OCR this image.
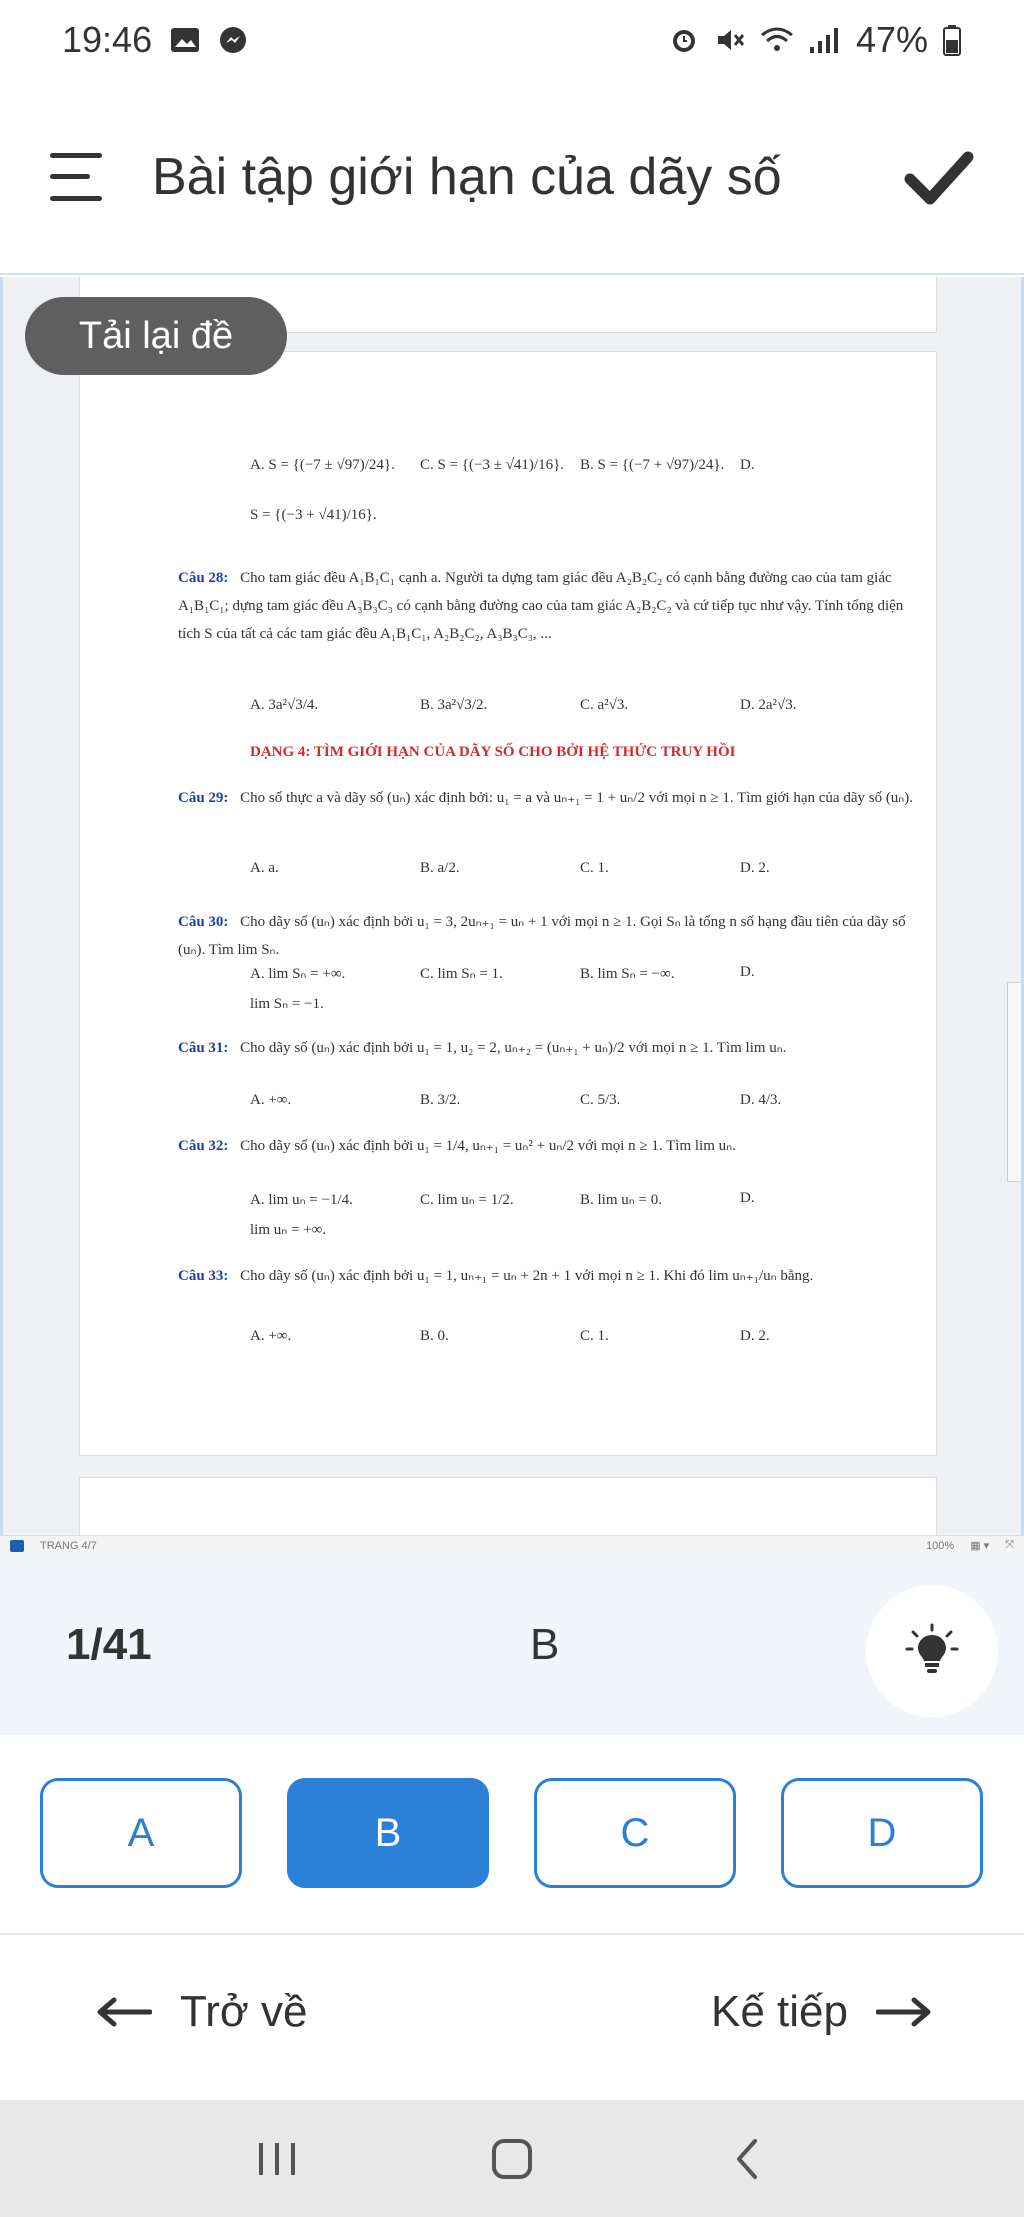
19:46	47%
Bài tập giới hạn của dãy số
A. S = {(−7 ± √97)/24}. C. S = {(−3 ± √41)/16}. B. S = {(−7 + √97)/24}. D.
S = {(−3 + √41)/16}.
Câu 28: Cho tam giác đều A₁B₁C₁ cạnh a. Người ta dựng tam giác đều A₂B₂C₂ có cạnh bằng đường cao của tam giác A₁B₁C₁; dựng tam giác đều A₃B₃C₃ có cạnh bằng đường cao của tam giác A₂B₂C₂ và cứ tiếp tục như vậy. Tính tổng diện tích S của tất cả các tam giác đều A₁B₁C₁, A₂B₂C₂, A₃B₃C₃, ...
A. 3a²√3/4.	B. 3a²√3/2.	C. a²√3.	D. 2a²√3.
DẠNG 4: TÌM GIỚI HẠN CỦA DÃY SỐ CHO BỞI HỆ THỨC TRUY HỒI
Câu 29: Cho số thực a và dãy số (uₙ) xác định bởi: u₁ = a và uₙ₊₁ = 1 + uₙ/2 với mọi n ≥ 1. Tìm giới hạn của dãy số (uₙ).
A. a.	B. a/2.	C. 1.	D. 2.
Câu 30: Cho dãy số (uₙ) xác định bởi u₁ = 3, 2uₙ₊₁ = uₙ + 1 với mọi n ≥ 1. Gọi Sₙ là tổng n số hạng đầu tiên của dãy số (uₙ). Tìm lim Sₙ.
A. lim Sₙ = +∞.	C. lim Sₙ = 1.	B. lim Sₙ = −∞.	D.
lim Sₙ = −1.
Câu 31: Cho dãy số (uₙ) xác định bởi u₁ = 1, u₂ = 2, uₙ₊₂ = (uₙ₊₁ + uₙ)/2 với mọi n ≥ 1. Tìm lim uₙ.
A. +∞.	B. 3/2.	C. 5/3.	D. 4/3.
Câu 32: Cho dãy số (uₙ) xác định bởi u₁ = 1/4, uₙ₊₁ = uₙ² + uₙ/2 với mọi n ≥ 1. Tìm lim uₙ.
A. lim uₙ = −1/4.	C. lim uₙ = 1/2.	B. lim uₙ = 0.	D.
lim uₙ = +∞.
Câu 33: Cho dãy số (uₙ) xác định bởi u₁ = 1, uₙ₊₁ = uₙ + 2n + 1 với mọi n ≥ 1. Khi đó lim uₙ₊₁/uₙ bằng.
A. +∞.	B. 0.	C. 1.	D. 2.
Tải lại đề
TRANG 4/7	100% ▦ ▾ ⤧
1/41	B
A	B	C	D
Trở về	Kế tiếp
